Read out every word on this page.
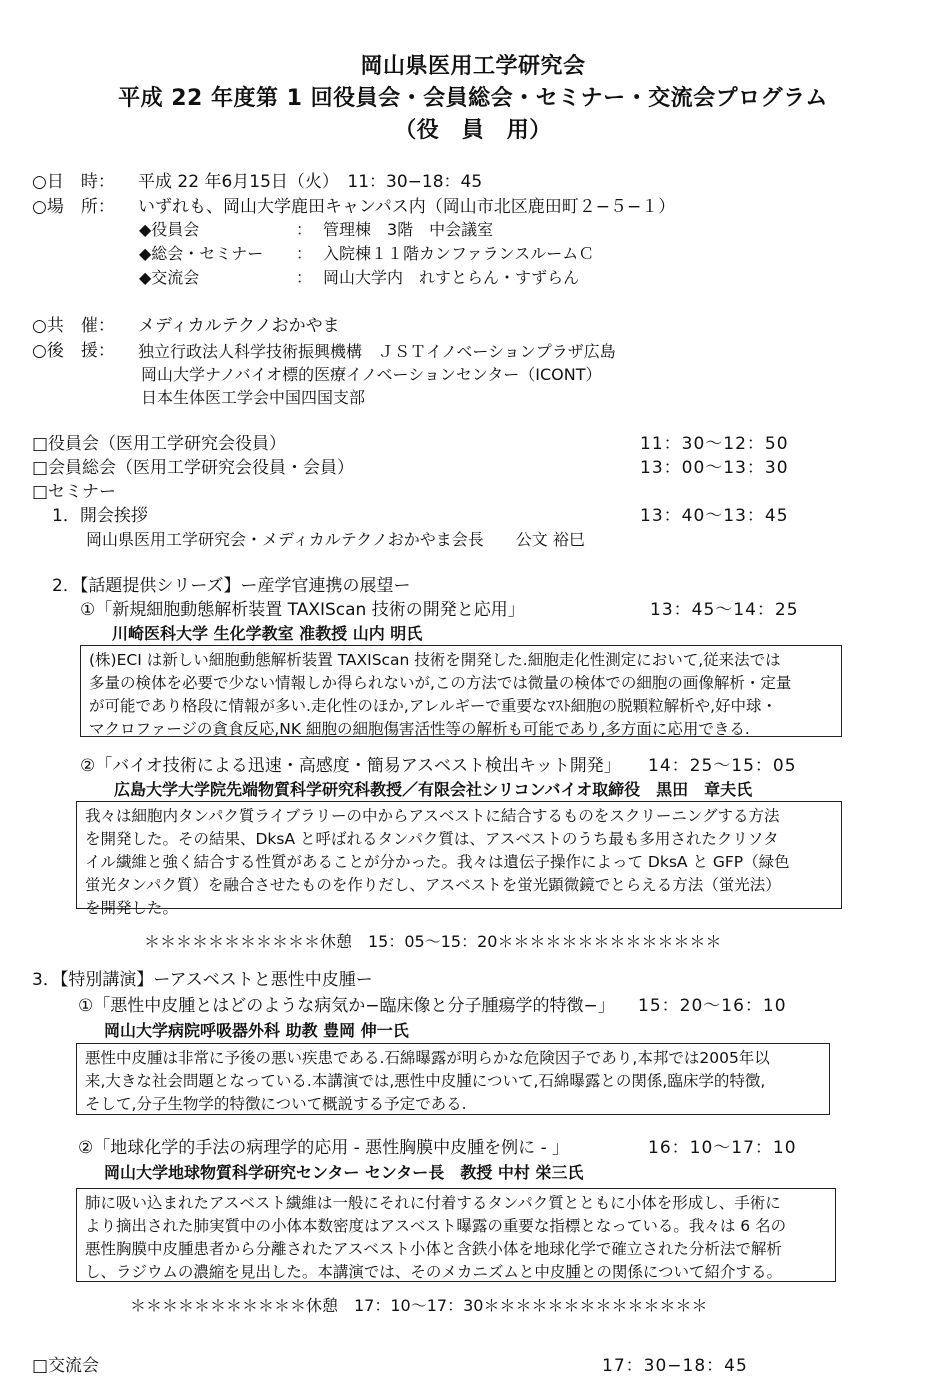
岡山県医用工学研究会
平成 22 年度第 1 回役員会・会員総会・セミナー・交流会プログラム
（役　員　用）
○日　時： 平成 22 年6月15日（火）　11：30−18：45
○場　所： いずれも、岡山大学鹿田キャンパス内（岡山市北区鹿田町２−５−１）
◆役員会	： 管理棟　3階　中会議室
◆総会・セミナー ： 入院棟１１階カンファランスルームＣ
◆交流会	： 岡山大学内　れすとらん・すずらん
○共　催： メディカルテクノおかやま
○後　援： 独立行政法人科学技術振興機構　ＪＳＴイノベーションプラザ広島
岡山大学ナノバイオ標的医療イノベーションセンター（ICONT）
日本生体医工学会中国四国支部
□役員会（医用工学研究会役員）	11：30〜12：50
□会員総会（医用工学研究会役員・会員）	13：00〜13：30
□セミナー
1．開会挨拶	13：40〜13：45
岡山県医用工学研究会・メディカルテクノおかやま会長　　公文 裕巳
2．【話題提供シリーズ】ー産学官連携の展望ー
①「新規細胞動態解析装置 TAXIScan 技術の開発と応用」	13：45〜14：25
川崎医科大学 生化学教室 准教授 山内 明氏
(株)ECI は新しい細胞動態解析装置 TAXIScan 技術を開発した.細胞走化性測定において,従来法では
多量の検体を必要で少ない情報しか得られないが,この方法では微量の検体での細胞の画像解析・定量
が可能であり格段に情報が多い.走化性のほか,アレルギーで重要なﾏｽﾄ細胞の脱顆粒解析や,好中球・
マクロファージの貪食反応,NK 細胞の細胞傷害活性等の解析も可能であり,多方面に応用できる.
②「バイオ技術による迅速・高感度・簡易アスベスト検出キット開発」 14：25〜15：05
広島大学大学院先端物質科学研究科教授／有限会社シリコンバイオ取締役　黒田　章夫氏
我々は細胞内タンパク質ライブラリーの中からアスベストに結合するものをスクリーニングする方法
を開発した。その結果、DksA と呼ばれるタンパク質は、アスベストのうち最も多用されたクリソタ
イル繊維と強く結合する性質があることが分かった。我々は遺伝子操作によって DksA と GFP（緑色
蛍光タンパク質）を融合させたものを作りだし、アスベストを蛍光顕微鏡でとらえる方法（蛍光法）
を開発した。
＊＊＊＊＊＊＊＊＊＊＊休憩　15：05〜15：20＊＊＊＊＊＊＊＊＊＊＊＊＊＊
3．【特別講演】ーアスベストと悪性中皮腫ー
①「悪性中皮腫とはどのような病気か−臨床像と分子腫瘍学的特徴−」 15：20〜16：10
岡山大学病院呼吸器外科 助教 豊岡 伸一氏
悪性中皮腫は非常に予後の悪い疾患である.石綿曝露が明らかな危険因子であり,本邦では2005年以
来,大きな社会問題となっている.本講演では,悪性中皮腫について,石綿曝露との関係,臨床学的特徴,
そして,分子生物学的特徴について概説する予定である.
②「地球化学的手法の病理学的応用 - 悪性胸膜中皮腫を例に - 」	16：10〜17：10
岡山大学地球物質科学研究センター センター長　教授 中村 栄三氏
肺に吸い込まれたアスベスト繊維は一般にそれに付着するタンパク質とともに小体を形成し、手術に
より摘出された肺実質中の小体本数密度はアスベスト曝露の重要な指標となっている。我々は 6 名の
悪性胸膜中皮腫患者から分離されたアスベスト小体と含鉄小体を地球化学で確立された分析法で解析
し、ラジウムの濃縮を見出した。本講演では、そのメカニズムと中皮腫との関係について紹介する。
＊＊＊＊＊＊＊＊＊＊＊休憩　17：10〜17：30＊＊＊＊＊＊＊＊＊＊＊＊＊＊
□交流会	17：30−18：45
